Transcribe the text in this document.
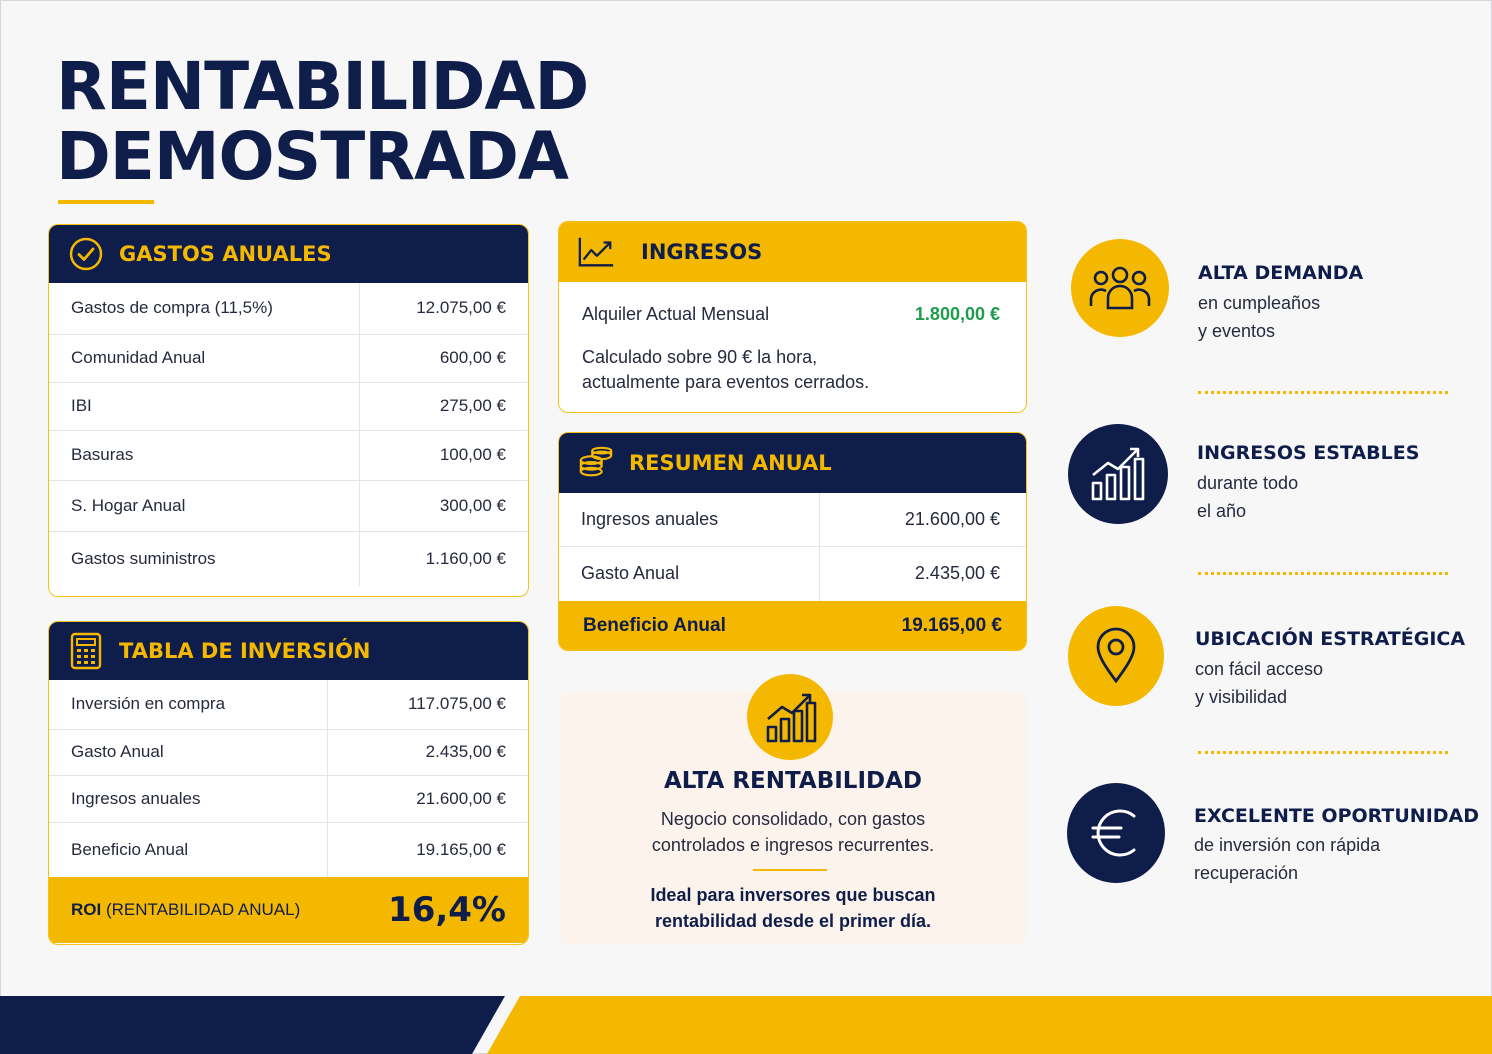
RENTABILIDAD
DEMOSTRADA
GASTOS ANUALES
Gastos de compra (11,5%)	12.075,00 €
Comunidad Anual	600,00 €
IBI	275,00 €
Basuras	100,00 €
S. Hogar Anual	300,00 €
Gastos suministros	1.160,00 €
TABLA DE INVERSIÓN
Inversión en compra	117.075,00 €
Gasto Anual	2.435,00 €
Ingresos anuales	21.600,00 €
Beneficio Anual	19.165,00 €
ROI (RENTABILIDAD ANUAL)	16,4%
INGRESOS
Alquiler Actual Mensual	1.800,00 €
Calculado sobre 90 € la hora,
actualmente para eventos cerrados.
RESUMEN ANUAL
Ingresos anuales	21.600,00 €
Gasto Anual	2.435,00 €
Beneficio Anual	19.165,00 €
ALTA RENTABILIDAD
Negocio consolidado, con gastos
controlados e ingresos recurrentes.
Ideal para inversores que buscan
rentabilidad desde el primer día.
ALTA DEMANDA
en cumpleaños
y eventos
INGRESOS ESTABLES
durante todo
el año
UBICACIÓN ESTRATÉGICA
con fácil acceso
y visibilidad
EXCELENTE OPORTUNIDAD
de inversión con rápida
recuperación
